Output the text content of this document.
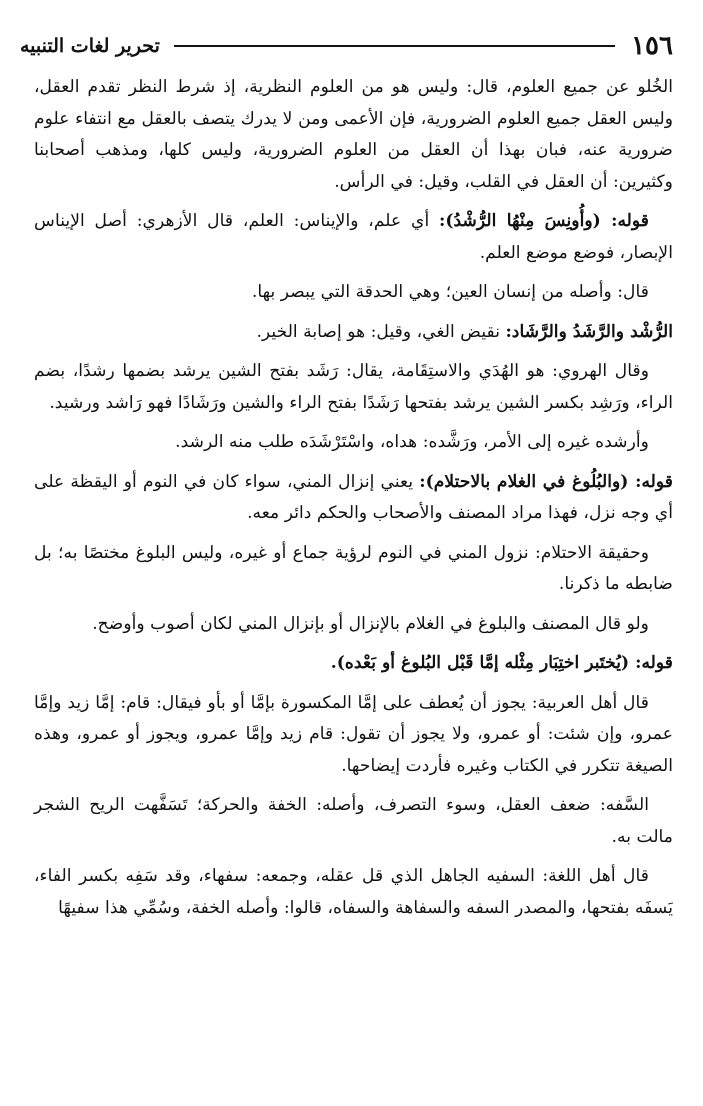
١٥٦
تحرير لغات التنبيه

الخُلو عن جميع العلوم، قال: وليس هو من العلوم النظرية، إذ شرط النظر تقدم العقل، وليس العقل جميع العلوم الضرورية، فإن الأعمى ومن لا يدرك يتصف بالعقل مع انتفاء علوم ضرورية عنه، فبان بهذا أن العقل من العلوم الضرورية، وليس كلها، ومذهب أصحابنا وكثيرين: أن العقل في القلب، وقيل: في الرأس.

قوله: (وأُونِسَ مِنْهُا الرُّشْدُ): أي علم، والإيناس: العلم، قال الأزهري: أصل الإيناس الإبصار، فوضع موضع العلم.

قال: وأصله من إنسان العين؛ وهي الحدقة التي يبصر بها.

الرُّشْد والرَّشَدُ والرَّشَاد: نقيض الغي، وقيل: هو إصابة الخير.

وقال الهروي: هو الهُدَي والاستِقَامة، يقال: رَشَد بفتح الشين يرشد بضمها رشدًا، بضم الراء، ورَشِد بكسر الشين يرشد بفتحها رَشَدًا بفتح الراء والشين ورَشَادًا فهو رَاشد ورشيد.

وأرشده غيره إلى الأمر، ورَشَّده: هداه، واسْتَرْشَدَه طلب منه الرشد.

قوله: (والبُلُوغ في الغلام بالاحتلام): يعني إنزال المني، سواء كان في النوم أو اليقظة على أي وجه نزل، فهذا مراد المصنف والأصحاب والحكم دائر معه.

وحقيقة الاحتلام: نزول المني في النوم لرؤية جماع أو غيره، وليس البلوغ مختصًا به؛ بل ضابطه ما ذكرنا.

ولو قال المصنف والبلوغ في الغلام بالإنزال أو بإنزال المني لكان أصوب وأوضح.

قوله: (يُختَبر اختِبَار مِثْله إمَّا قَبْل البُلوغ أو بَعْده).

قال أهل العربية: يجوز أن يُعطف على إمَّا المكسورة بإمَّا أو بأو فيقال: قام: إمَّا زيد وإمَّا عمرو، وإن شئت: أو عمرو، ولا يجوز أن تقول: قام زيد وإمَّا عمرو، ويجوز أو عمرو، وهذه الصيغة تتكرر في الكتاب وغيره فأردت إيضاحها.

السَّفه: ضعف العقل، وسوء التصرف، وأصله: الخفة والحركة؛ تَسَفَّهت الريح الشجر مالت به.

قال أهل اللغة: السفيه الجاهل الذي قل عقله، وجمعه: سفهاء، وقد سَفِه بكسر الفاء، يَسفَه بفتحها، والمصدر السفه والسفاهة والسفاه، قالوا: وأصله الخفة، وسُمِّي هذا سفيهًا
